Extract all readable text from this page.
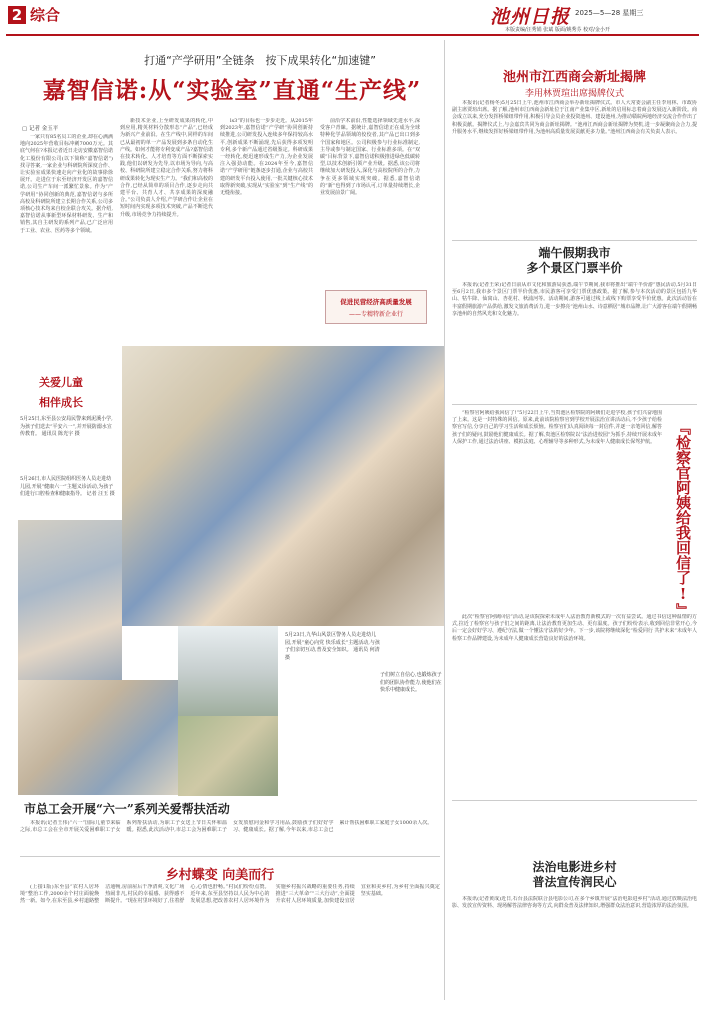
2 综合	池州日报 2025—5—28 星期三
本版责编/汪秀娟 张斌 版面/姚秀芬 校对/金小开
打通“产学研用”全链条　按下成果转化“加速键”
嘉智信诺:从“实验室”直通“生产线”
▢ 记者 金玉平

一家只有85名员工的企业,却在心满满地向2025年营收目标冲刺7000万元。其底气何在?本报记者近日走访安徽嘉智信诺化工股份有限公司(以下简称“嘉智信诺”)找寻答案,一家企业与科研院所深度合作、让实验室成果快速走向产业化的故事徐徐展开。走进位于东至经济开发区的嘉智信诺,公司生产车间一派繁忙景象。作为“产学研用”协同创新的典范,嘉智信诺与多所高校及科研院所建立长期合作关系,公司多项核心技术均来自校企联合攻关。据介绍,嘉智信诺从事新型环保材料研发、生产和销售,其自主研发的系列产品,已广泛应用于工业、农业、医药等多个领域。

新技术企业,上至研发成果的转化,中到应用,精英材料分散形态“产品”,已经成为新兴产业前沿。在生产线中,同样的车间已从最初的单一产品发展到多条自动化生产线。如何才能将专利变成产品?嘉智信诺在技术转化、人才培育等方面不断探索实践,他们以研发为先导,以市场为导向,与高校、科研院所建立稳定合作关系,努力将科研成果转化为现实生产力。“我们和高校的合作,已经从简单的项目合作,逐步走向共建平台、共育人才、共享成果的深度融合。”公司负责人介绍,产学研合作让企业在短时间内实现多项技术突破,产品不断迭代升级,市场竞争力持续提升。

ls3”的目标也一步步走近。从2015年到2023年,嘉智信诺“产学研”协同创新持续推进,公司研发投入连续多年保持较高水平,创新成果不断涌现,先后获得多项发明专利,多个新产品通过省级鉴定。科研成果一经转化,便迅速形成生产力,为企业发展注入强劲动能。在2024年至今,嘉智信诺“产学研用”链条逐步打通,企业与高校共建的研发平台投入使用,一批关键核心技术取得新突破,实现从“实验室”到“生产线”的无缝衔接。

前沿学术前沿,性能选择领域先进水平,深受客户青睐。据统计,嘉智信诺正在成为全球特种化学品领域的佼佼者,其产品已出口到多个国家和地区。公司积极参与行业标准制定,主导或参与制定国家、行业标准多项。在“双碳”目标背景下,嘉智信诺积极推进绿色低碳转型,以技术创新引领产业升级。据悉,该公司将继续加大研发投入,深化与高校院所的合作,力争在更多领域实现突破。据悉,嘉智信诺的“新”也得到了市场认可,订单量持续增长,企业发展前景广阔。

促进民营经济高质量发展
——专精特新企业行
池州市江西商会新址揭牌
李用林贾瑄出席揭牌仪式

本报讯(记者杨冬)5月25日上午,池州市江西商会举办新址揭牌仪式。市人大常委会副主任李用林、市政协副主席贾瑄出席。据了解,池州市江西商会新址位于江南产业集中区,新址的启用标志着商会发展迈入新阶段。商会成立以来,充分发挥桥梁纽带作用,积极引导会员企业投资池州、建设池州,为推动赣皖两地经济交流合作作出了积极贡献。揭牌仪式上,与会嘉宾共同为商会新址揭牌。“池州江西商会新址揭牌为契机,进一步凝聚商会合力,提升服务水平,继续发挥好桥梁纽带作用,为池州高质量发展贡献更多力量。”池州江西商会有关负责人表示。

端午假期我市
多个景区门票半价

本报讯(记者王荣)记者日前从市文化和旅游局获悉,端午节期间,我市将推出“端午半价游”惠民活动,5月31日至6月2日,我市多个景区门票半价优惠,市民游客可享受门票优惠政策。据了解,参与本次活动的景区包括九华山、牯牛降、仙寓山、杏花村、秋浦河等。活动期间,游客可通过线上或线下购票享受半价优惠。此次活动旨在丰富假期旅游产品供给,激发文旅消费活力,进一步擦亮“池州山水、诗意栖居”城市品牌,让广大游客在端午假期畅享池州的自然风光和文化魅力。

关爱儿童
相伴成长
5月25日,东至县公安局民警来到泥溪小学,为孩子们送去“平安六一”,并开展防溺水宣传教育。 通讯员 陈光宇 摄
5月26日,市人民医院组织医务人员走进幼儿园,开展“健康六一”主题义诊活动,为孩子们进行口腔检查和健康指导。 记者 汪玉 摄
5月23日,九华山风景区警务人员走进幼儿园,开展“童心向党 快乐成长”主题活动,与孩子们亲切互动,普及安全知识。 通讯员 何清 摄
子们树立自信心,也锻炼孩子们的团队协作能力,使他们在快乐中健康成长。
市总工会开展“六一”系列关爱帮扶活动

本报讯(记者王伟)“六一”国际儿童节来临之际,市总工会在全市开展关爱困难职工子女系列帮扶活动,为职工子女送上节日关怀和温暖。据悉,此次活动中,市总工会为困难职工子女发放慰问金和学习用品,鼓励孩子们好好学习、健康成长。据了解,今年以来,市总工会已累计帮扶困难职工家庭子女1000余人次。

乡村蝶变 向美而行

(上接1版)东至县“农村人居环境”整治工作,2000余个村庄面貌焕然一新。如今,在东至县,乡村道路整洁通畅,房前屋后干净清爽,文化广场热闹非凡,村民的幸福感、获得感不断提升。“现在村里环境好了,住着舒心,心情也舒畅。”村民们纷纷点赞。近年来,东至县坚持以人民为中心的发展思想,把改善农村人居环境作为实施乡村振兴战略的重要任务,持续推进“三大革命”“三大行动”,全面提升农村人居环境质量,加快建设宜居宜业和美乡村,为乡村全面振兴奠定坚实基础。

“检察官阿姨给我回信了!”5月22日上午,当贵池区检察院的阿姨们走进学校,孩子们兴奋地围了上来。这是一封特殊的回信。原来,此前该院检察官到学校开展法治宣讲活动后,不少孩子给检察官写信,分享自己的学习生活和成长烦恼。检察官们认真阅读每一封信件,并逐一亲笔回信,解答孩子们的疑问,鼓励他们健康成长。据了解,贵池区检察院以“法治进校园”为抓手,持续开展未成年人保护工作,通过法治讲座、模拟法庭、心理辅导等多种形式,为未成年人健康成长保驾护航。	『检察官阿姨给我回信了!』

此次“检察官阿姨回信”活动,是该院探索未成年人法治教育新模式的一次有益尝试。通过书信这种温情的方式,拉近了检察官与孩子们之间的距离,让法治教育更加生动、更有温度。孩子们纷纷表示,收到回信非常开心,今后一定会好好学习、遵纪守法,做一个懂法守法的好少年。下一步,该院将继续深化“检爱同行 共护未来”未成年人检察工作品牌建设,为未成年人健康成长营造良好的法治环境。

法治电影进乡村
普法宣传润民心

本报讯(记者黄成)近日,石台县法院联合县电影公司,在多个乡镇开展“法治电影进乡村”活动,通过放映法治电影、发放宣传资料、现场解答法律咨询等方式,向群众普及法律知识,增强群众法治意识,营造浓厚的法治氛围。
